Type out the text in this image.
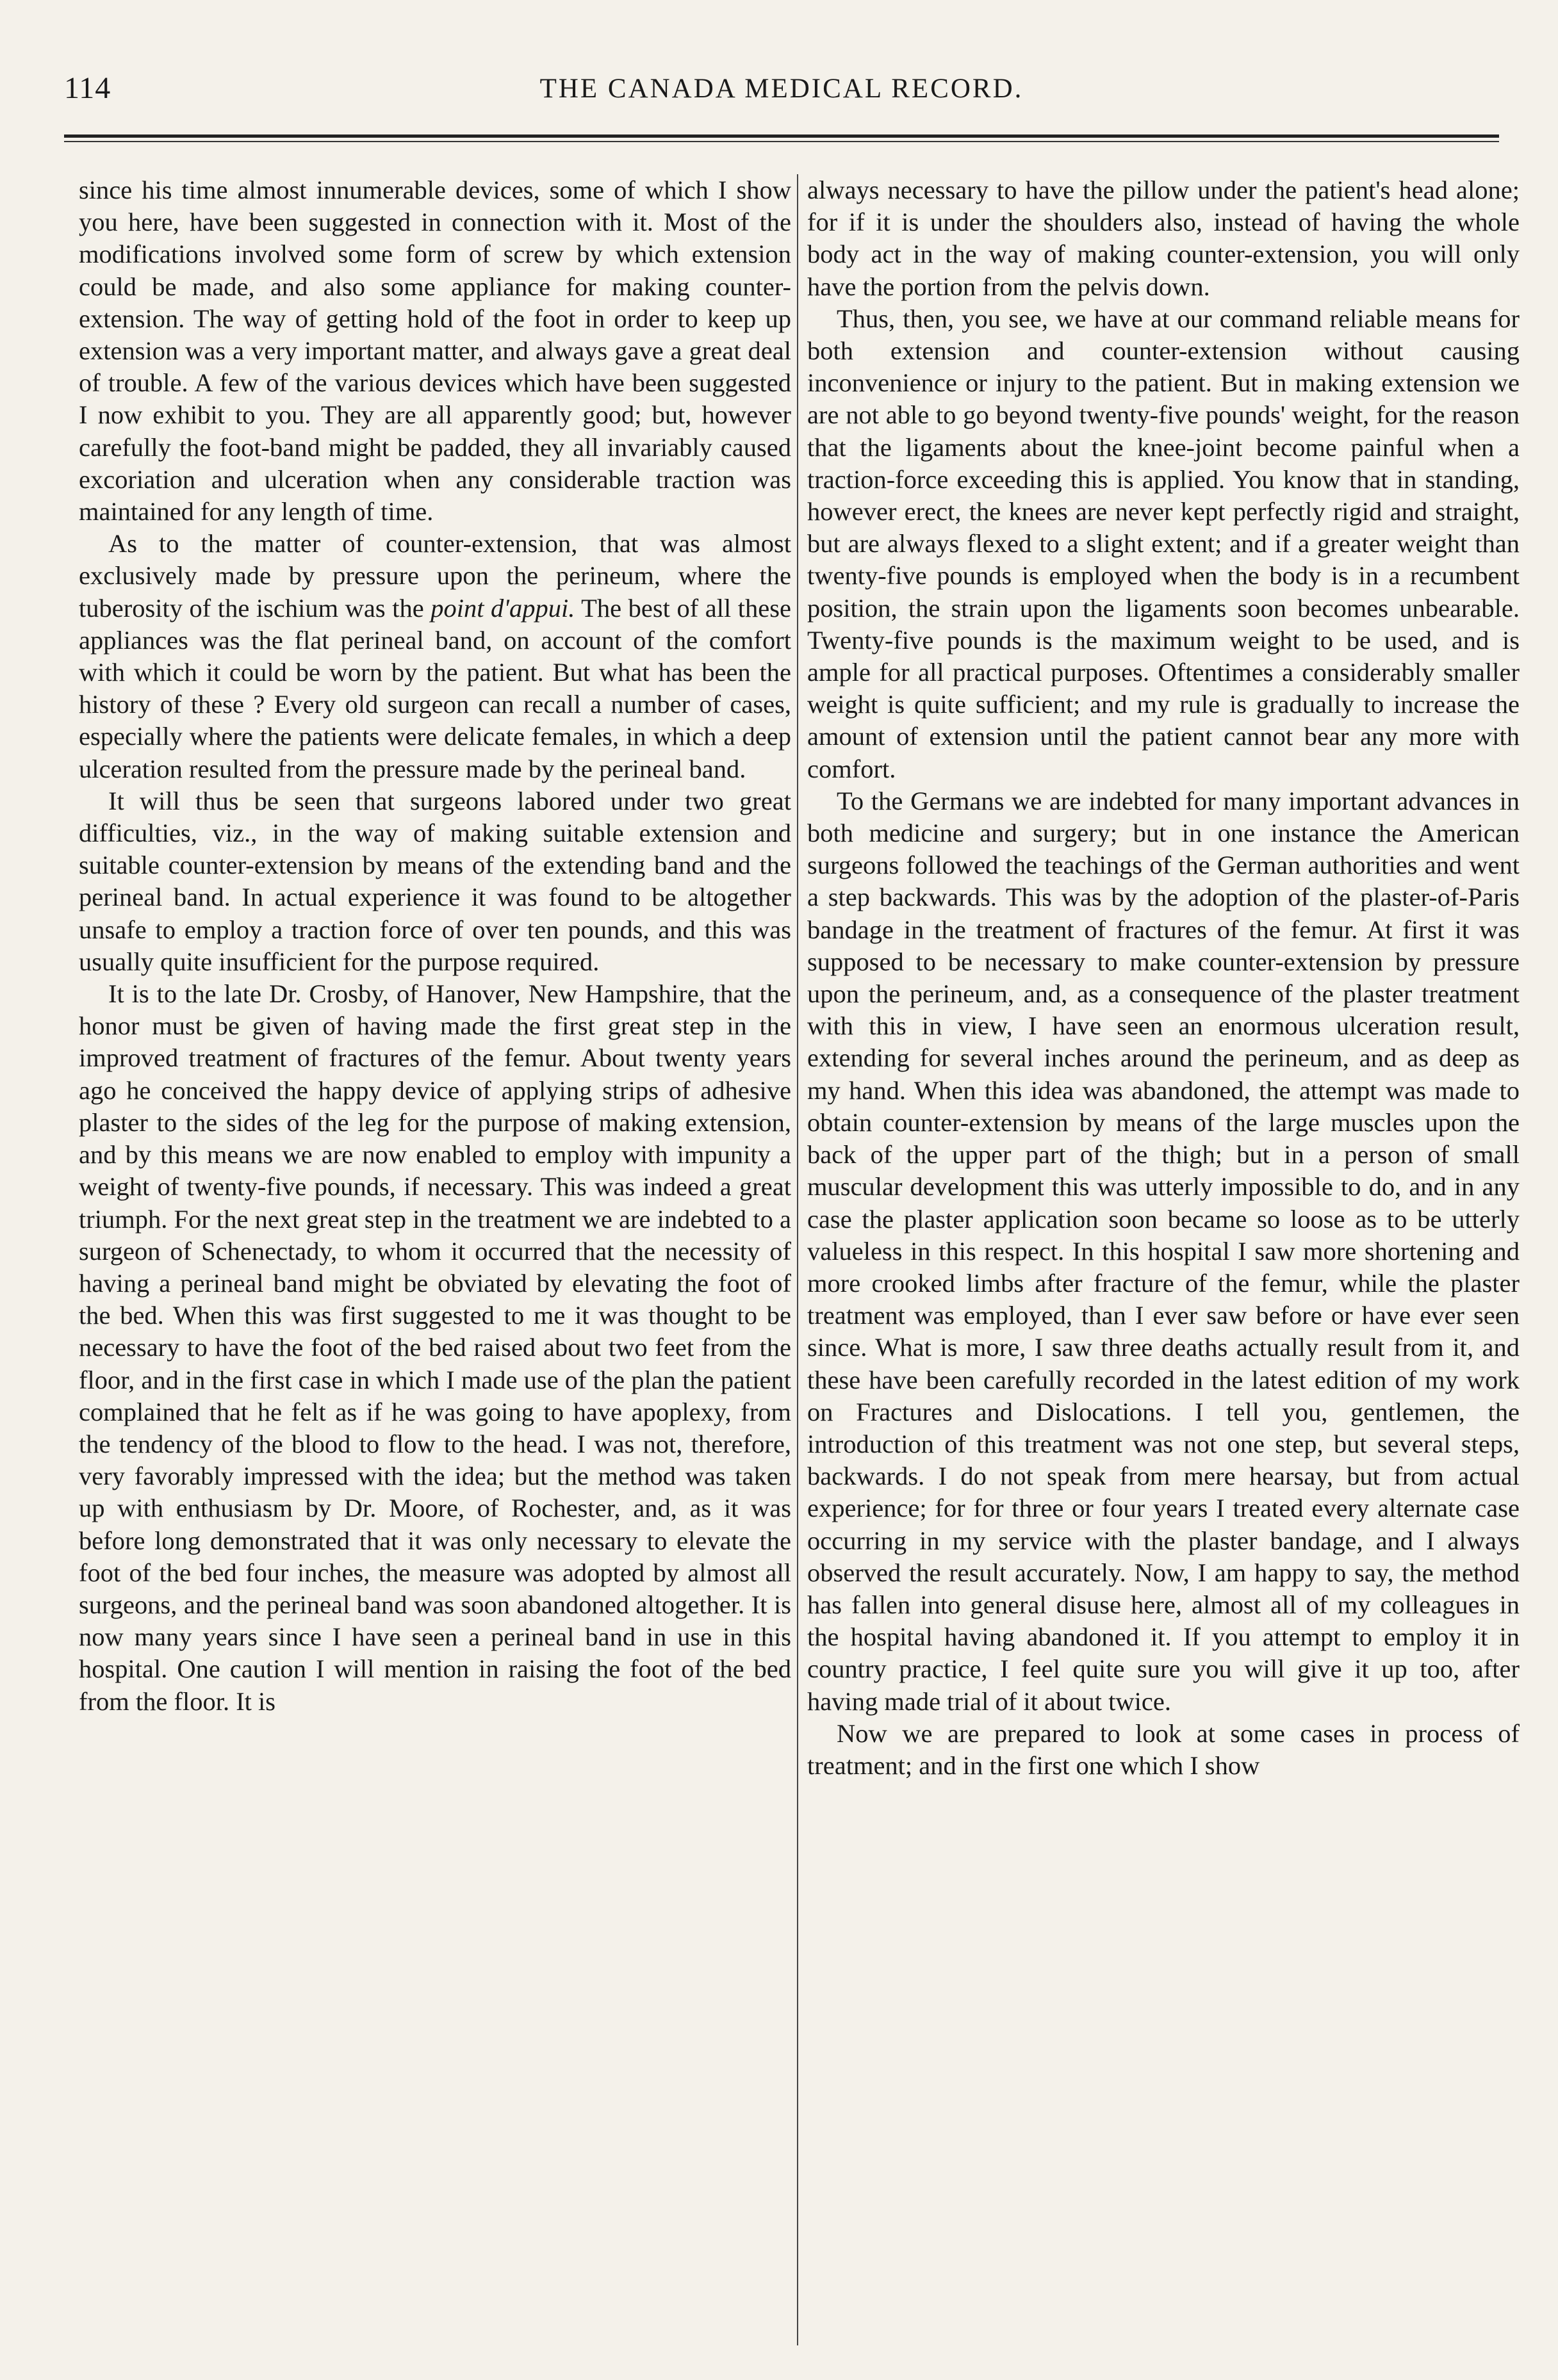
114	THE CANADA MEDICAL RECORD.

since his time almost innumerable devices, some of which I show you here, have been suggested in connection with it. Most of the modifications involved some form of screw by which extension could be made, and also some appliance for making counter-extension. The way of getting hold of the foot in order to keep up extension was a very important matter, and always gave a great deal of trouble. A few of the various devices which have been suggested I now exhibit to you. They are all apparently good; but, however carefully the foot-band might be padded, they all invariably caused excoriation and ulceration when any considerable traction was maintained for any length of time.

As to the matter of counter-extension, that was almost exclusively made by pressure upon the perineum, where the tuberosity of the ischium was the point d'appui. The best of all these appliances was the flat perineal band, on account of the comfort with which it could be worn by the patient. But what has been the history of these ? Every old surgeon can recall a number of cases, especially where the patients were delicate females, in which a deep ulceration resulted from the pressure made by the perineal band.

It will thus be seen that surgeons labored under two great difficulties, viz., in the way of making suitable extension and suitable counter-extension by means of the extending band and the perineal band. In actual experience it was found to be altogether unsafe to employ a traction force of over ten pounds, and this was usually quite insufficient for the purpose required.

It is to the late Dr. Crosby, of Hanover, New Hampshire, that the honor must be given of having made the first great step in the improved treatment of fractures of the femur. About twenty years ago he conceived the happy device of applying strips of adhesive plaster to the sides of the leg for the purpose of making extension, and by this means we are now enabled to employ with impunity a weight of twenty-five pounds, if necessary. This was indeed a great triumph. For the next great step in the treatment we are indebted to a surgeon of Schenectady, to whom it occurred that the necessity of having a perineal band might be obviated by elevating the foot of the bed. When this was first suggested to me it was thought to be necessary to have the foot of the bed raised about two feet from the floor, and in the first case in which I made use of the plan the patient complained that he felt as if he was going to have apoplexy, from the tendency of the blood to flow to the head. I was not, therefore, very favorably impressed with the idea; but the method was taken up with enthusiasm by Dr. Moore, of Rochester, and, as it was before long demonstrated that it was only necessary to elevate the foot of the bed four inches, the measure was adopted by almost all surgeons, and the perineal band was soon abandoned altogether. It is now many years since I have seen a perineal band in use in this hospital. One caution I will mention in raising the foot of the bed from the floor. It is

always necessary to have the pillow under the patient's head alone; for if it is under the shoulders also, instead of having the whole body act in the way of making counter-extension, you will only have the portion from the pelvis down.

Thus, then, you see, we have at our command reliable means for both extension and counter-extension without causing inconvenience or injury to the patient. But in making extension we are not able to go beyond twenty-five pounds' weight, for the reason that the ligaments about the knee-joint become painful when a traction-force exceeding this is applied. You know that in standing, however erect, the knees are never kept perfectly rigid and straight, but are always flexed to a slight extent; and if a greater weight than twenty-five pounds is employed when the body is in a recumbent position, the strain upon the ligaments soon becomes unbearable. Twenty-five pounds is the maximum weight to be used, and is ample for all practical purposes. Oftentimes a considerably smaller weight is quite sufficient; and my rule is gradually to increase the amount of extension until the patient cannot bear any more with comfort.

To the Germans we are indebted for many important advances in both medicine and surgery; but in one instance the American surgeons followed the teachings of the German authorities and went a step backwards. This was by the adoption of the plaster-of-Paris bandage in the treatment of fractures of the femur. At first it was supposed to be necessary to make counter-extension by pressure upon the perineum, and, as a consequence of the plaster treatment with this in view, I have seen an enormous ulceration result, extending for several inches around the perineum, and as deep as my hand. When this idea was abandoned, the attempt was made to obtain counter-extension by means of the large muscles upon the back of the upper part of the thigh; but in a person of small muscular development this was utterly impossible to do, and in any case the plaster application soon became so loose as to be utterly valueless in this respect. In this hospital I saw more shortening and more crooked limbs after fracture of the femur, while the plaster treatment was employed, than I ever saw before or have ever seen since. What is more, I saw three deaths actually result from it, and these have been carefully recorded in the latest edition of my work on Fractures and Dislocations. I tell you, gentlemen, the introduction of this treatment was not one step, but several steps, backwards. I do not speak from mere hearsay, but from actual experience; for for three or four years I treated every alternate case occurring in my service with the plaster bandage, and I always observed the result accurately. Now, I am happy to say, the method has fallen into general disuse here, almost all of my colleagues in the hospital having abandoned it. If you attempt to employ it in country practice, I feel quite sure you will give it up too, after having made trial of it about twice.

Now we are prepared to look at some cases in process of treatment; and in the first one which I show
